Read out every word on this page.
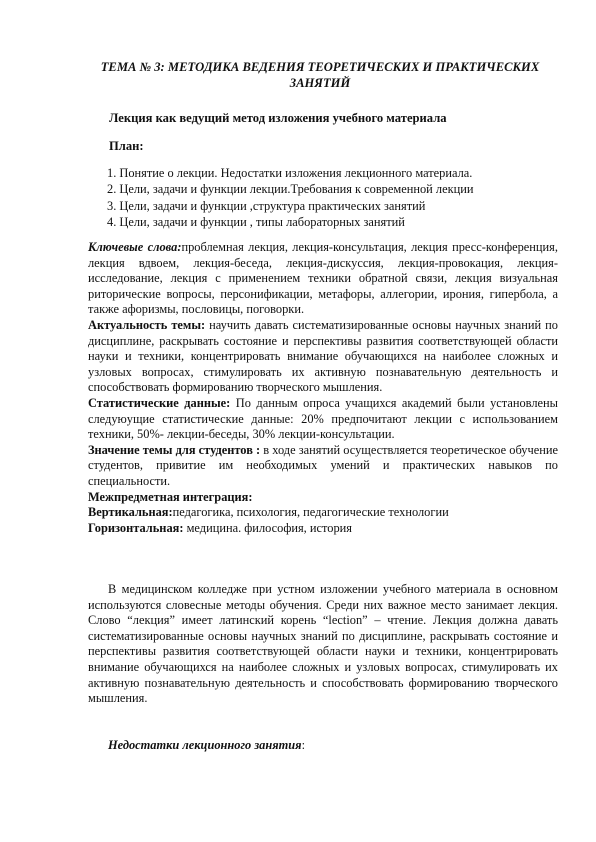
ТЕМА № 3: МЕТОДИКА ВЕДЕНИЯ ТЕОРЕТИЧЕСКИХ И ПРАКТИЧЕСКИХ ЗАНЯТИЙ
Лекция как ведущий метод изложения учебного материала
План:
1. Понятие о лекции. Недостатки изложения лекционного материала.
2. Цели, задачи и функции лекции.Требования к современной лекции
3. Цели, задачи и функции ,структура практических занятий
4. Цели, задачи и функции , типы лабораторных занятий
Ключевые слова:проблемная лекция, лекция-консультация, лекция пресс-конференция, лекция вдвоем, лекция-беседа, лекция-дискуссия, лекция-провокация, лекция-исследование, лекция с применением техники обратной связи, лекция визуальная риторические вопросы, персонификации, метафоры, аллегории, ирония, гипербола, а также афоризмы, пословицы, поговорки.
Актуальность темы: научить давать систематизированные основы научных знаний по дисциплине, раскрывать состояние и перспективы развития соответствующей области науки и техники, концентрировать внимание обучающихся на наиболее сложных и узловых вопросах, стимулировать их активную познавательную деятельность и способствовать формированию творческого мышления.
Статистические данные: По данным опроса учащихся академий были установлены следуюущие статистические данные: 20% предпочитают лекции с использованием техники, 50%- лекции-беседы, 30% лекции-консультации.
Значение темы для студентов : в ходе занятий осуществляется теоретическое обучение студентов, привитие им необходимых умений и практических навыков по специальности.
Межпредметная интеграция:
Вертикальная:педагогика, психология, педагогические технологии
Горизонтальная: медицина. философия, история
В медицинском колледже при устном изложении учебного материала в основном используются словесные методы обучения. Среди них важное место занимает лекция. Слово “лекция” имеет латинский корень “lection” – чтение. Лекция должна давать систематизированные основы научных знаний по дисциплине, раскрывать состояние и перспективы развития соответствующей области науки и техники, концентрировать внимание обучающихся на наиболее сложных и узловых вопросах, стимулировать их активную познавательную деятельность и способствовать формированию творческого мышления.
Недостатки лекционного занятия:
